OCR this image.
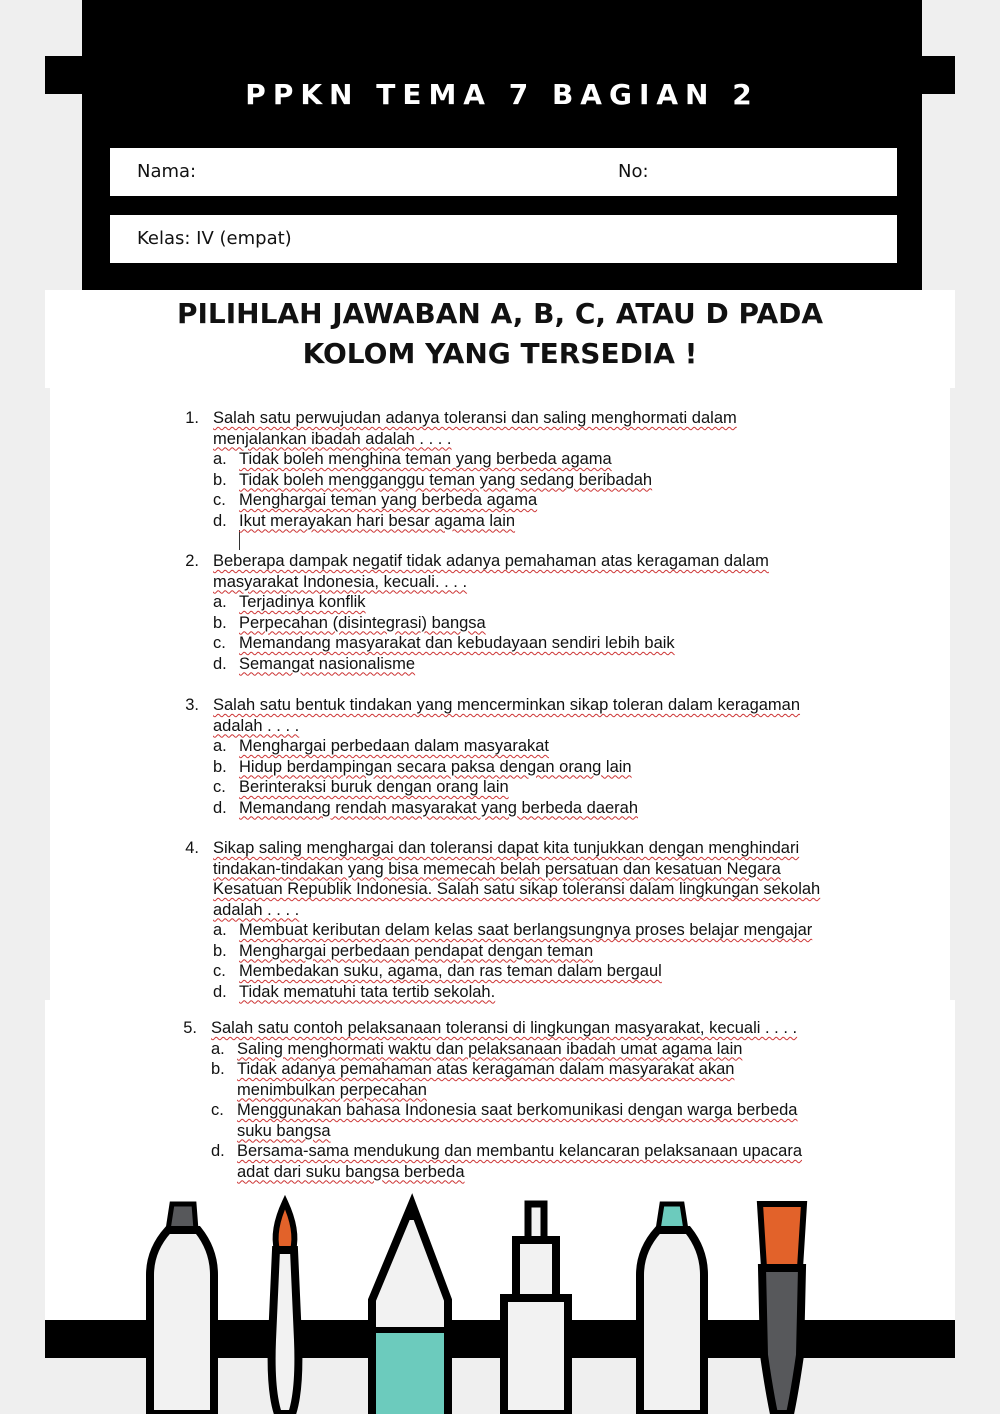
PPKN TEMA 7 BAGIAN 2
Nama:	No:
Kelas: IV (empat)
PILIHLAH JAWABAN A, B, C, ATAU D PADA
KOLOM YANG TERSEDIA !
1. Salah satu perwujudan adanya toleransi dan saling menghormati dalam
menjalankan ibadah adalah . . . .
a. Tidak boleh menghina teman yang berbeda agama
b. Tidak boleh mengganggu teman yang sedang beribadah
c. Menghargai teman yang berbeda agama
d. Ikut merayakan hari besar agama lain
2. Beberapa dampak negatif tidak adanya pemahaman atas keragaman dalam
masyarakat Indonesia, kecuali. . . .
a. Terjadinya konflik
b. Perpecahan (disintegrasi) bangsa
c. Memandang masyarakat dan kebudayaan sendiri lebih baik
d. Semangat nasionalisme
3. Salah satu bentuk tindakan yang mencerminkan sikap toleran dalam keragaman
adalah . . . .
a. Menghargai perbedaan dalam masyarakat
b. Hidup berdampingan secara paksa dengan orang lain
c. Berinteraksi buruk dengan orang lain
d. Memandang rendah masyarakat yang berbeda daerah
4. Sikap saling menghargai dan toleransi dapat kita tunjukkan dengan menghindari
tindakan-tindakan yang bisa memecah belah persatuan dan kesatuan Negara
Kesatuan Republik Indonesia. Salah satu sikap toleransi dalam lingkungan sekolah
adalah . . . .
a. Membuat keributan delam kelas saat berlangsungnya proses belajar mengajar
b. Menghargai perbedaan pendapat dengan teman
c. Membedakan suku, agama, dan ras teman dalam bergaul
d. Tidak mematuhi tata tertib sekolah.
5. Salah satu contoh pelaksanaan toleransi di lingkungan masyarakat, kecuali . . . .
a. Saling menghormati waktu dan pelaksanaan ibadah umat agama lain
b. Tidak adanya pemahaman atas keragaman dalam masyarakat akan
menimbulkan perpecahan
c. Menggunakan bahasa Indonesia saat berkomunikasi dengan warga berbeda
suku bangsa
d. Bersama-sama mendukung dan membantu kelancaran pelaksanaan upacara
adat dari suku bangsa berbeda
